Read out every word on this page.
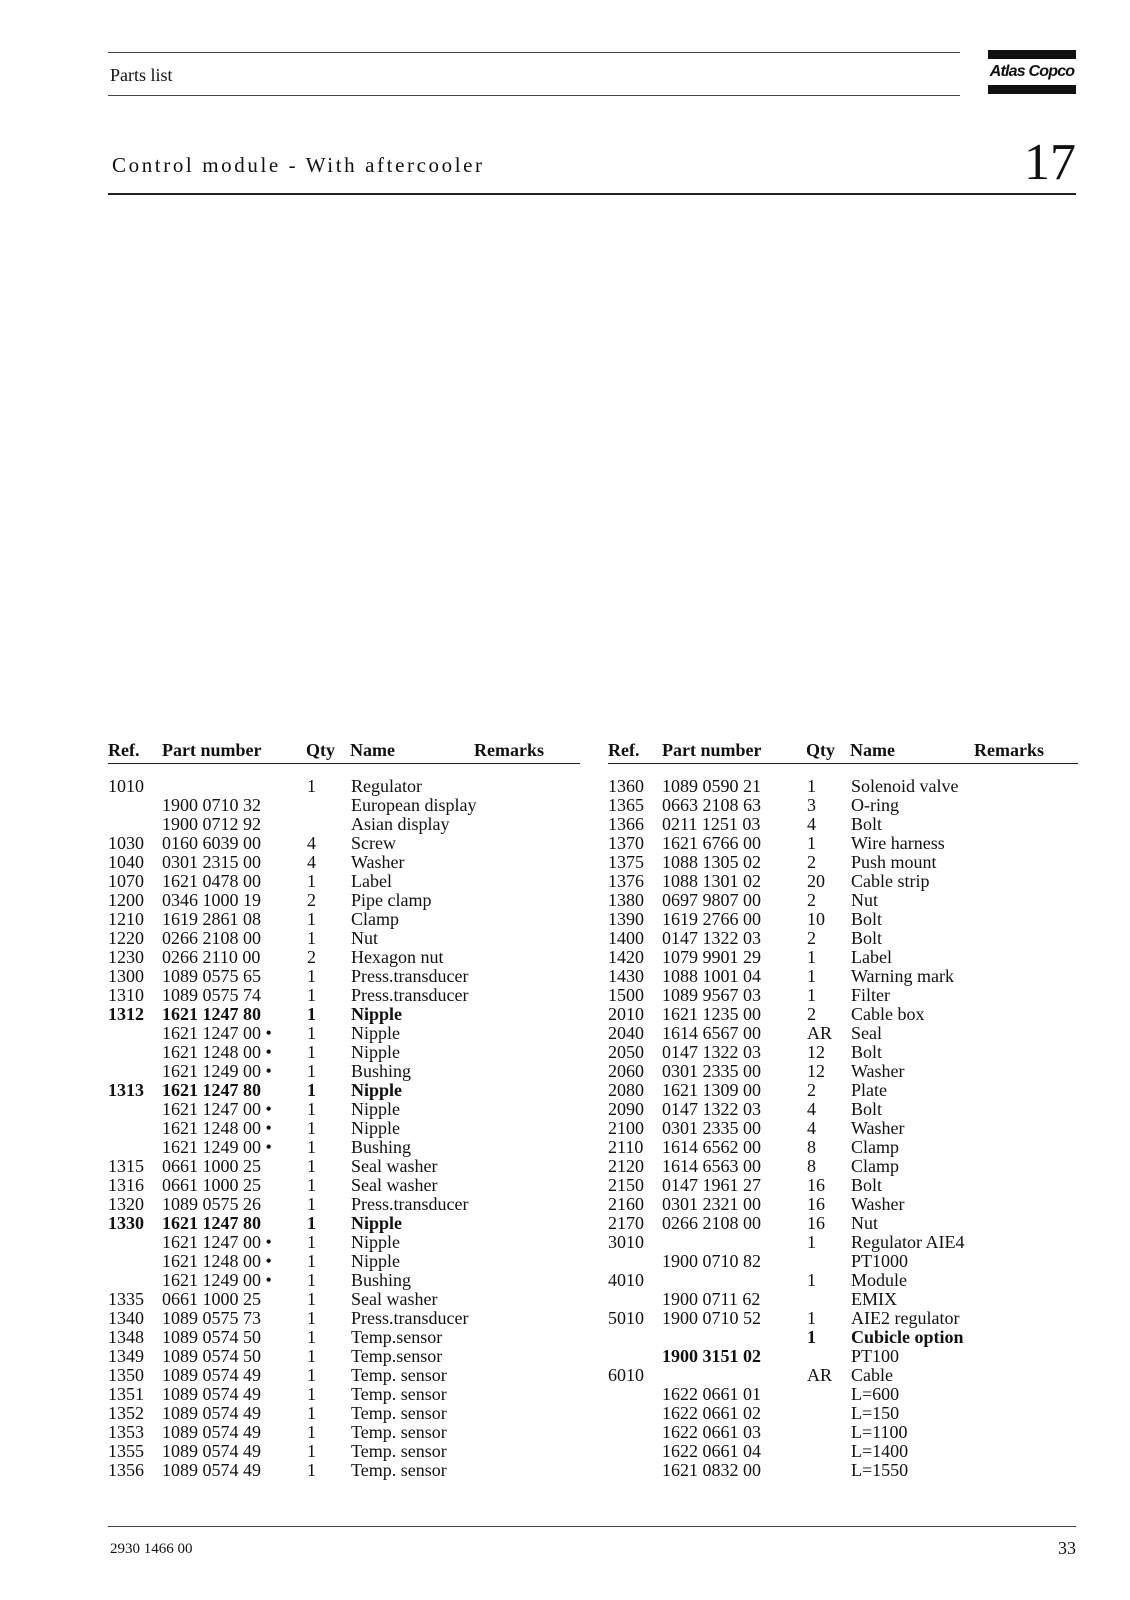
Parts list	Atlas Copco
Control module - With aftercooler	17
Ref. Part number Qty Name	Remarks
1010	1 Regulator
1900 0710 32	European display
1900 0712 92	Asian display
1030 0160 6039 00	4 Screw
1040 0301 2315 00	4 Washer
1070 1621 0478 00	1 Label
1200 0346 1000 19	2 Pipe clamp
1210 1619 2861 08	1 Clamp
1220 0266 2108 00	1 Nut
1230 0266 2110 00	2 Hexagon nut
1300 1089 0575 65	1 Press.transducer
1310 1089 0575 74	1 Press.transducer
1312 1621 1247 80	1 Nipple
1621 1247 00 • 1 Nipple
1621 1248 00 • 1 Nipple
1621 1249 00 • 1 Bushing
1313 1621 1247 80	1 Nipple
1621 1247 00 • 1 Nipple
1621 1248 00 • 1 Nipple
1621 1249 00 • 1 Bushing
1315 0661 1000 25	1 Seal washer
1316 0661 1000 25	1 Seal washer
1320 1089 0575 26	1 Press.transducer
1330 1621 1247 80	1 Nipple
1621 1247 00 • 1 Nipple
1621 1248 00 • 1 Nipple
1621 1249 00 • 1 Bushing
1335 0661 1000 25	1 Seal washer
1340 1089 0575 73	1 Press.transducer
1348 1089 0574 50	1 Temp.sensor
1349 1089 0574 50	1 Temp.sensor
1350 1089 0574 49	1 Temp. sensor
1351 1089 0574 49	1 Temp. sensor
1352 1089 0574 49	1 Temp. sensor
1353 1089 0574 49	1 Temp. sensor
1355 1089 0574 49	1 Temp. sensor
1356 1089 0574 49	1 Temp. sensor
Ref. Part number Qty Name	Remarks
1360 1089 0590 21	1 Solenoid valve
1365 0663 2108 63	3 O-ring
1366 0211 1251 03	4 Bolt
1370 1621 6766 00	1 Wire harness
1375 1088 1305 02	2 Push mount
1376 1088 1301 02	20 Cable strip
1380 0697 9807 00	2 Nut
1390 1619 2766 00	10 Bolt
1400 0147 1322 03	2 Bolt
1420 1079 9901 29	1 Label
1430 1088 1001 04	1 Warning mark
1500 1089 9567 03	1 Filter
2010 1621 1235 00	2 Cable box
2040 1614 6567 00	AR Seal
2050 0147 1322 03	12 Bolt
2060 0301 2335 00	12 Washer
2080 1621 1309 00	2 Plate
2090 0147 1322 03	4 Bolt
2100 0301 2335 00	4 Washer
2110 1614 6562 00	8 Clamp
2120 1614 6563 00	8 Clamp
2150 0147 1961 27	16 Bolt
2160 0301 2321 00	16 Washer
2170 0266 2108 00	16 Nut
3010	1 Regulator AIE4
1900 0710 82	PT1000
4010	1 Module
1900 0711 62	EMIX
5010 1900 0710 52	1 AIE2 regulator
1 Cubicle option
1900 3151 02	PT100
6010	AR Cable
1622 0661 01	L=600
1622 0661 02	L=150
1622 0661 03	L=1100
1622 0661 04	L=1400
1621 0832 00	L=1550
2930 1466 00	33
